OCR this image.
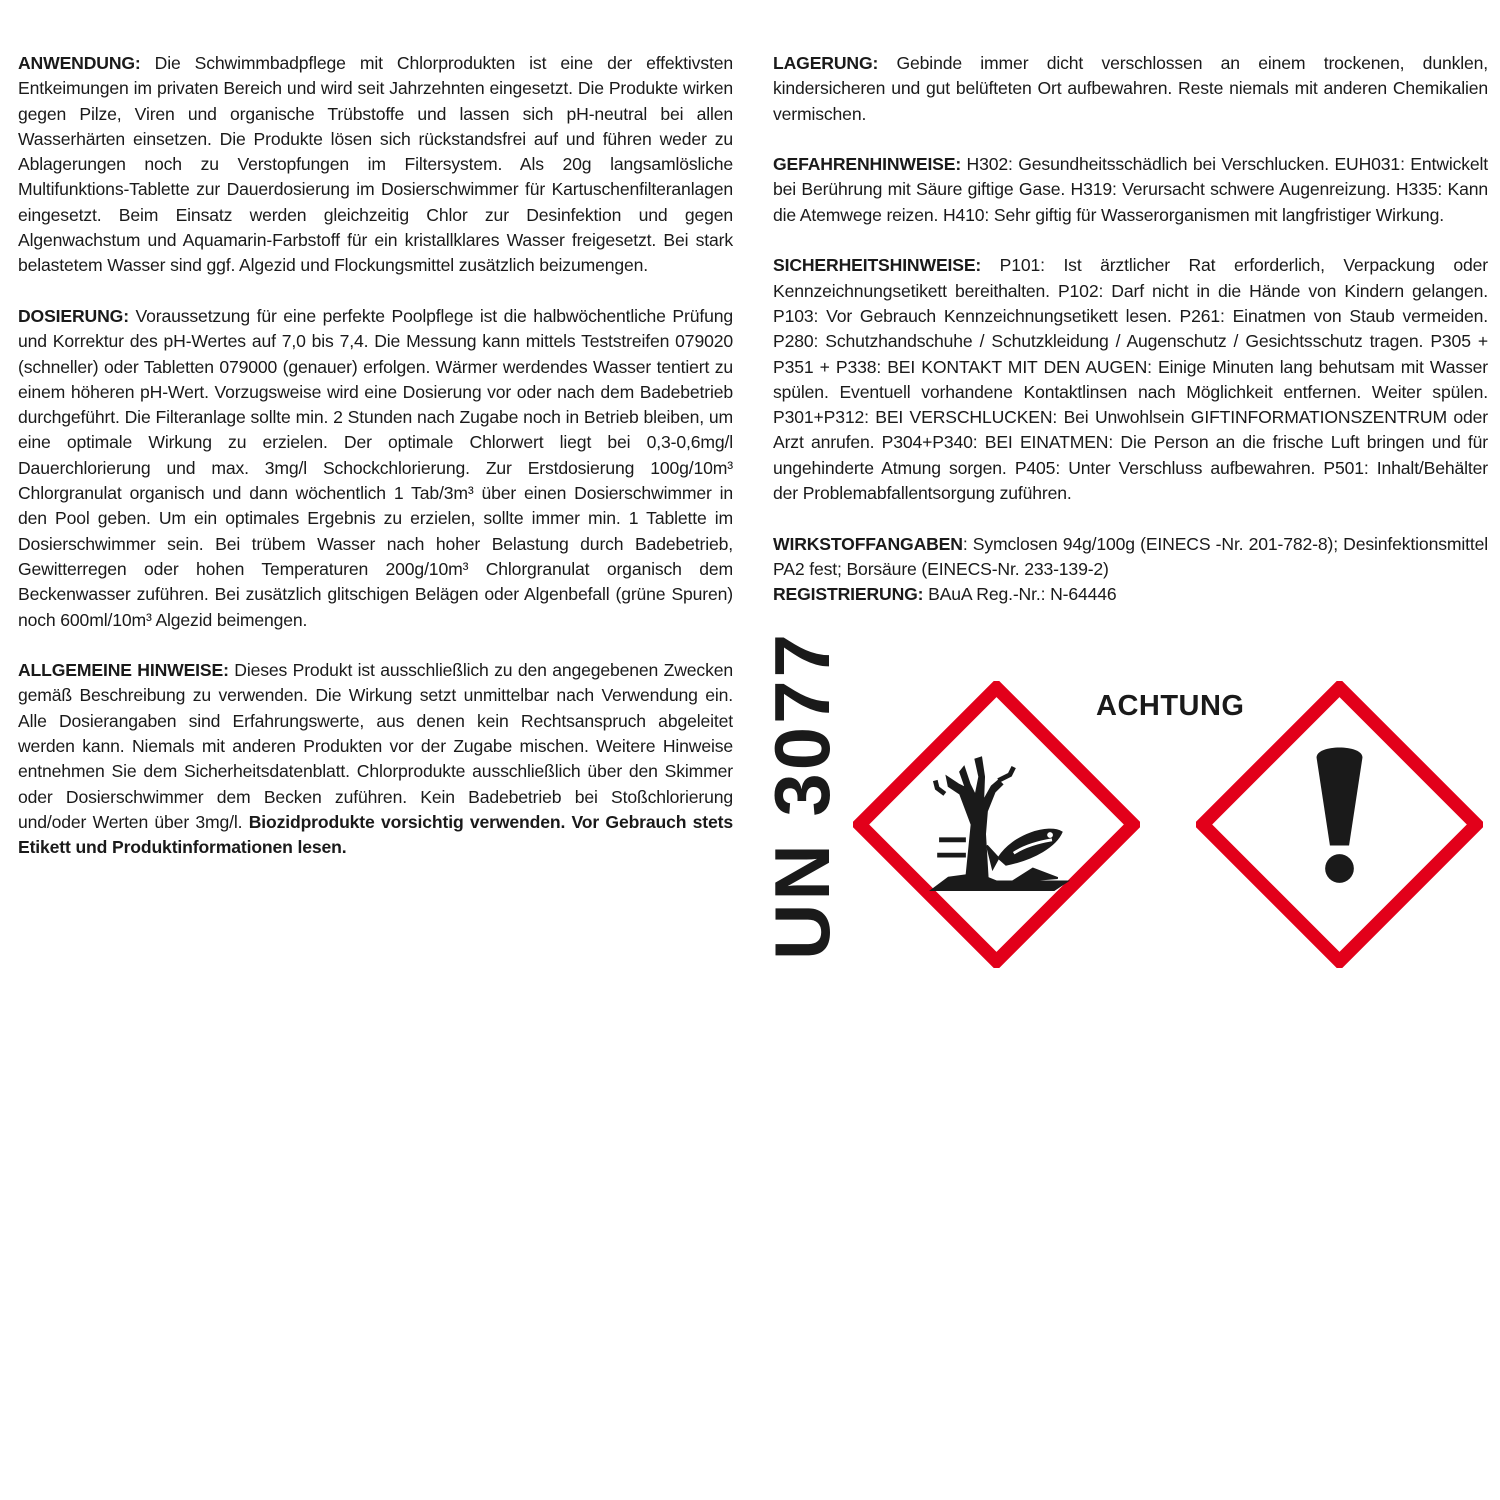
ANWENDUNG: Die Schwimmbadpflege mit Chlorprodukten ist eine der effektivsten Entkeimungen im privaten Bereich und wird seit Jahrzehnten eingesetzt. Die Produkte wirken gegen Pilze, Viren und organische Trübstoffe und lassen sich pH-neutral bei allen Wasserhärten einsetzen. Die Produkte lösen sich rückstandsfrei auf und führen weder zu Ablagerungen noch zu Verstopfungen im Filtersystem. Als 20g langsamlösliche Multifunktions-Tablette zur Dauerdosierung im Dosierschwimmer für Kartuschenfilteranlagen eingesetzt. Beim Einsatz werden gleichzeitig Chlor zur Desinfektion und gegen Algenwachstum und Aquamarin-Farbstoff für ein kristallklares Wasser freigesetzt. Bei stark belastetem Wasser sind ggf. Algezid und Flockungsmittel zusätzlich beizumengen.

DOSIERUNG: Voraussetzung für eine perfekte Poolpflege ist die halbwöchentliche Prüfung und Korrektur des pH-Wertes auf 7,0 bis 7,4. Die Messung kann mittels Teststreifen 079020 (schneller) oder Tabletten 079000 (genauer) erfolgen. Wärmer werdendes Wasser tentiert zu einem höheren pH-Wert. Vorzugsweise wird eine Dosierung vor oder nach dem Badebetrieb durchgeführt. Die Filteranlage sollte min. 2 Stunden nach Zugabe noch in Betrieb bleiben, um eine optimale Wirkung zu erzielen. Der optimale Chlorwert liegt bei 0,3-0,6mg/l Dauerchlorierung und max. 3mg/l Schockchlorierung. Zur Erstdosierung 100g/10m³ Chlorgranulat organisch und dann wöchentlich 1 Tab/3m³ über einen Dosierschwimmer in den Pool geben. Um ein optimales Ergebnis zu erzielen, sollte immer min. 1 Tablette im Dosierschwimmer sein. Bei trübem Wasser nach hoher Belastung durch Badebetrieb, Gewitterregen oder hohen Temperaturen 200g/10m³ Chlorgranulat organisch dem Beckenwasser zuführen. Bei zusätzlich glitschigen Belägen oder Algenbefall (grüne Spuren) noch 600ml/10m³ Algezid beimengen.

ALLGEMEINE HINWEISE: Dieses Produkt ist ausschließlich zu den angegebenen Zwecken gemäß Beschreibung zu verwenden. Die Wirkung setzt unmittelbar nach Verwendung ein. Alle Dosierangaben sind Erfahrungswerte, aus denen kein Rechtsanspruch abgeleitet werden kann. Niemals mit anderen Produkten vor der Zugabe mischen. Weitere Hinweise entnehmen Sie dem Sicherheitsdatenblatt. Chlorprodukte ausschließlich über den Skimmer oder Dosierschwimmer dem Becken zuführen. Kein Badebetrieb bei Stoßchlorierung und/oder Werten über 3mg/l. Biozidprodukte vorsichtig verwenden. Vor Gebrauch stets Etikett und Produktinformationen lesen.

LAGERUNG: Gebinde immer dicht verschlossen an einem trockenen, dunklen, kindersicheren und gut belüfteten Ort aufbewahren. Reste niemals mit anderen Chemikalien vermischen.

GEFAHRENHINWEISE: H302: Gesundheitsschädlich bei Verschlucken. EUH031: Entwickelt bei Berührung mit Säure giftige Gase. H319: Verursacht schwere Augenreizung. H335: Kann die Atemwege reizen. H410: Sehr giftig für Wasserorganismen mit langfristiger Wirkung.

SICHERHEITSHINWEISE: P101: Ist ärztlicher Rat erforderlich, Verpackung oder Kennzeichnungsetikett bereithalten. P102: Darf nicht in die Hände von Kindern gelangen. P103: Vor Gebrauch Kennzeichnungsetikett lesen. P261: Einatmen von Staub vermeiden. P280: Schutzhandschuhe / Schutzkleidung / Augenschutz / Gesichtsschutz tragen. P305 + P351 + P338: BEI KONTAKT MIT DEN AUGEN: Einige Minuten lang behutsam mit Wasser spülen. Eventuell vorhandene Kontaktlinsen nach Möglichkeit entfernen. Weiter spülen. P301+P312: BEI VERSCHLUCKEN: Bei Unwohlsein GIFTINFORMATIONSZENTRUM oder Arzt anrufen. P304+P340: BEI EINATMEN: Die Person an die frische Luft bringen und für ungehinderte Atmung sorgen. P405: Unter Verschluss aufbewahren. P501: Inhalt/Behälter der Problemabfallentsorgung zuführen.

WIRKSTOFFANGABEN: Symclosen 94g/100g (EINECS -Nr. 201-782-8); Desinfektionsmittel PA2 fest; Borsäure (EINECS-Nr. 233-139-2)

REGISTRIERUNG: BAuA Reg.-Nr.: N-64446

UN 3077	ACHTUNG
